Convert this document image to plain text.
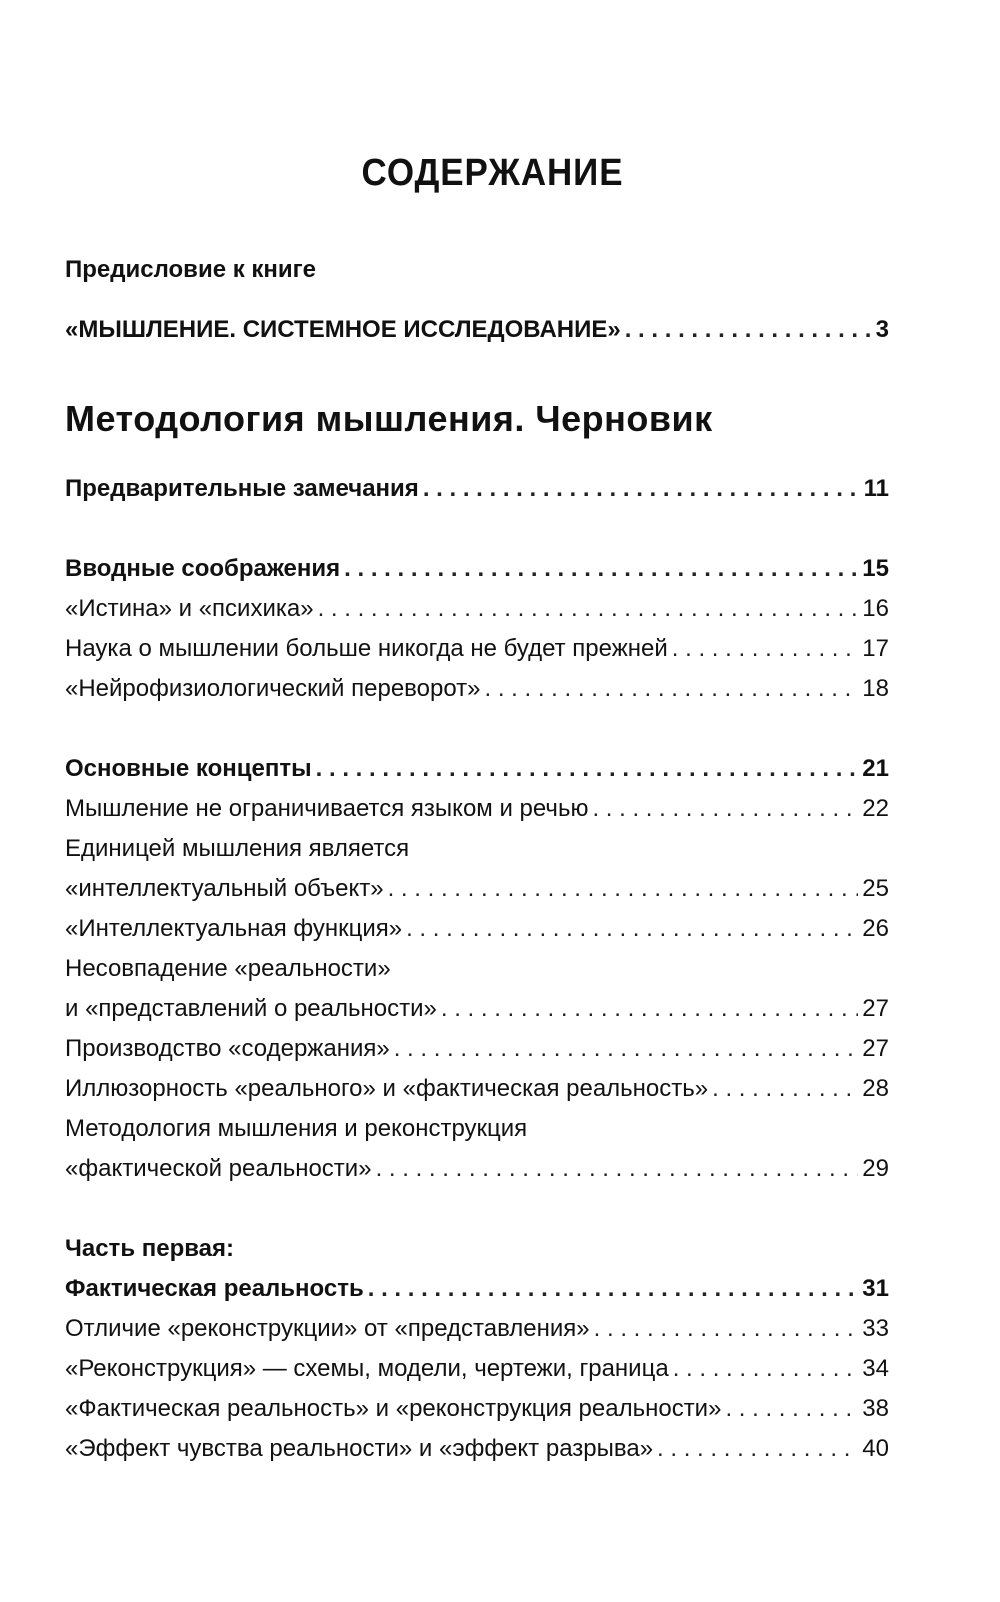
СОДЕРЖАНИЕ
Предисловие к книге
«МЫШЛЕНИЕ. СИСТЕМНОЕ ИССЛЕДОВАНИЕ» . . .	3
Методология мышления. Черновик
Предварительные замечания . . .	11
Вводные соображения . . .	15
«Истина» и «психика» . . .	16
Наука о мышлении больше никогда не будет прежней . . .	17
«Нейрофизиологический переворот» . . .	18
Основные концепты . . .	21
Мышление не ограничивается языком и речью . . .	22
Единицей мышления является
«интеллектуальный объект» . . .	25
«Интеллектуальная функция» . . .	26
Несовпадение «реальности»
и «представлений о реальности» . . .	27
Производство «содержания» . . .	27
Иллюзорность «реального» и «фактическая реальность» . . .	28
Методология мышления и реконструкция
«фактической реальности» . . .	29
Часть первая:
Фактическая реальность . . .	31
Отличие «реконструкции» от «представления» . . .	33
«Реконструкция» — схемы, модели, чертежи, граница . . .	34
«Фактическая реальность» и «реконструкция реальности» . . .	38
«Эффект чувства реальности» и «эффект разрыва» . . .	40
